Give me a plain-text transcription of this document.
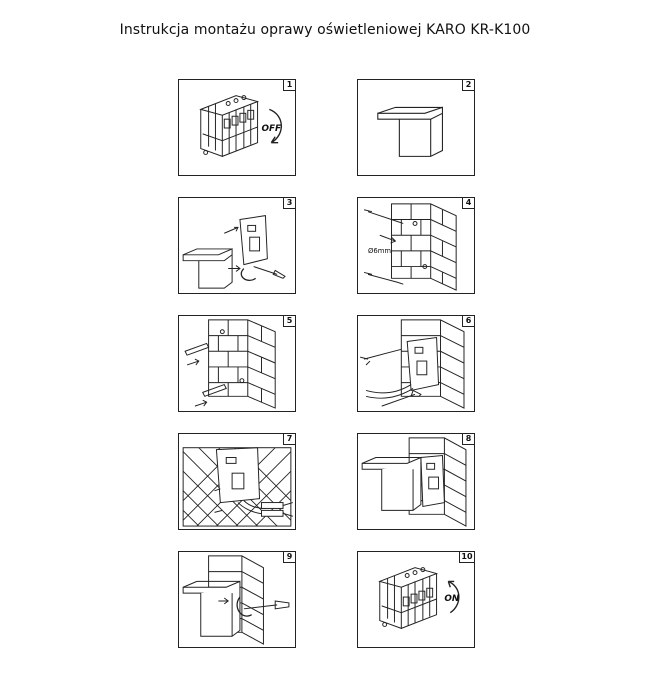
Instrukcja montażu oprawy oświetleniowej KARO KR-K100
OFF
1	2
3
Ø6mm
4
5	6
7	8
9
ON
10
